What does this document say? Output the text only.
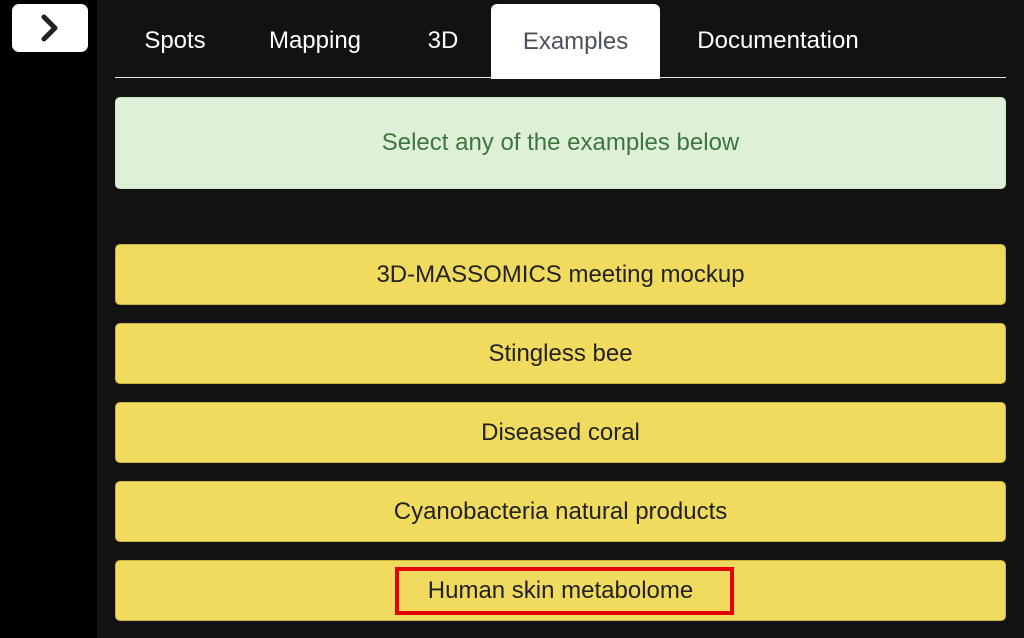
Spots	Mapping	3D	Examples	Documentation
Select any of the examples below
3D-MASSOMICS meeting mockup
Stingless bee
Diseased coral
Cyanobacteria natural products
Human skin metabolome
